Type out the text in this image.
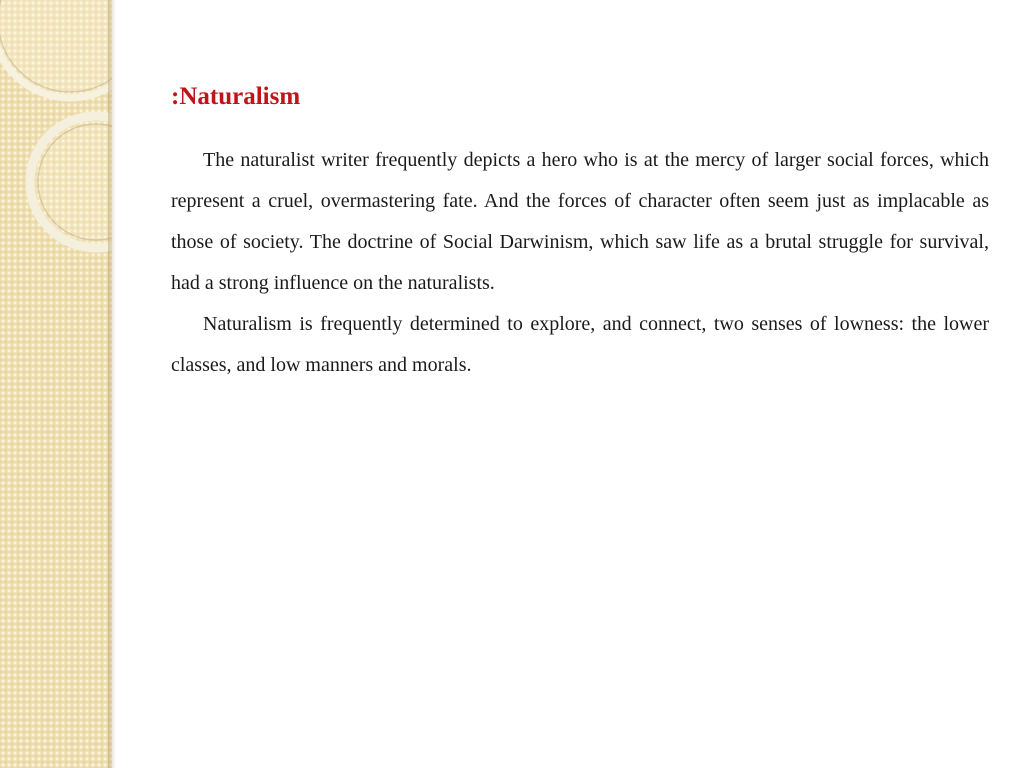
:Naturalism

The naturalist writer frequently depicts a hero who is at the mercy of larger social forces, which represent a cruel, overmastering fate. And the forces of character often seem just as implacable as those of society. The doctrine of Social Darwinism, which saw life as a brutal struggle for survival, had a strong influence on the naturalists.

Naturalism is frequently determined to explore, and connect, two senses of lowness: the lower classes, and low manners and morals.
